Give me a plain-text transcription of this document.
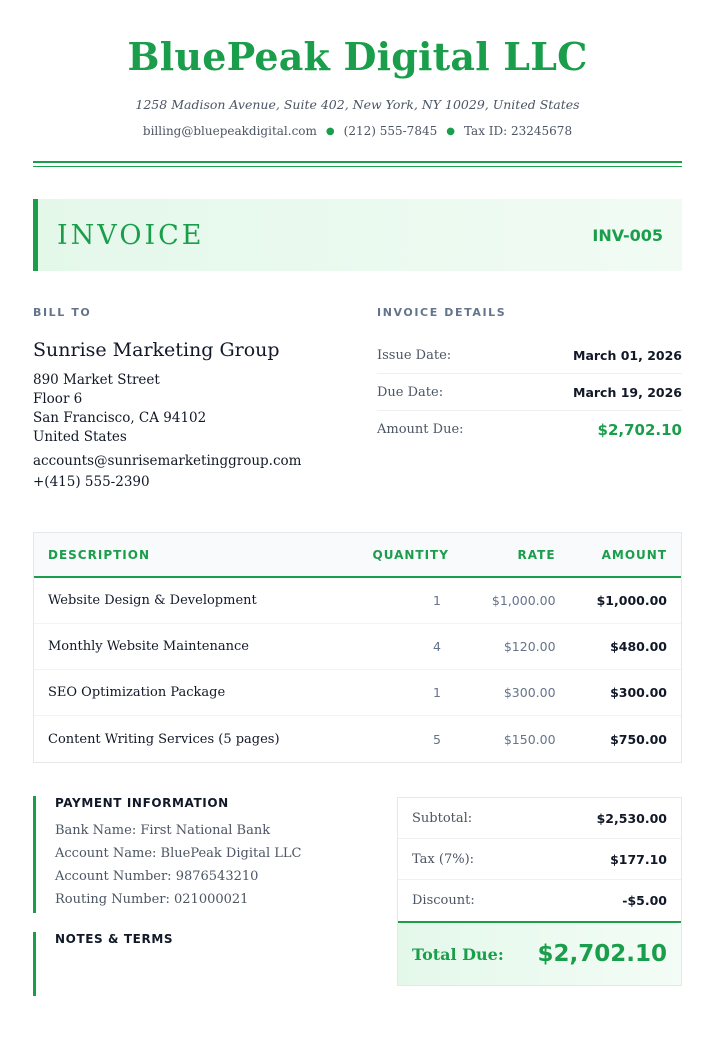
BluePeak Digital LLC
1258 Madison Avenue, Suite 402, New York, NY 10029, United States
billing@bluepeakdigital.com ● (212) 555-7845 ● Tax ID: 23245678
INVOICE	INV-005
BILL TO
Sunrise Marketing Group
890 Market Street
Floor 6
San Francisco, CA 94102
United States
accounts@sunrisemarketinggroup.com
+(415) 555-2390
INVOICE DETAILS
Issue Date:	March 01, 2026
Due Date:	March 19, 2026
Amount Due:	$2,702.10
DESCRIPTION	QUANTITY	RATE	AMOUNT
Website Design & Development	1	$1,000.00	$1,000.00
Monthly Website Maintenance	4	$120.00	$480.00
SEO Optimization Package	1	$300.00	$300.00
Content Writing Services (5 pages)	5	$150.00	$750.00
PAYMENT INFORMATION
Bank Name: First National Bank
Account Name: BluePeak Digital LLC
Account Number: 9876543210
Routing Number: 021000021
NOTES & TERMS
Subtotal:	$2,530.00
Tax (7%):	$177.10
Discount:	-$5.00
Total Due: $2,702.10
